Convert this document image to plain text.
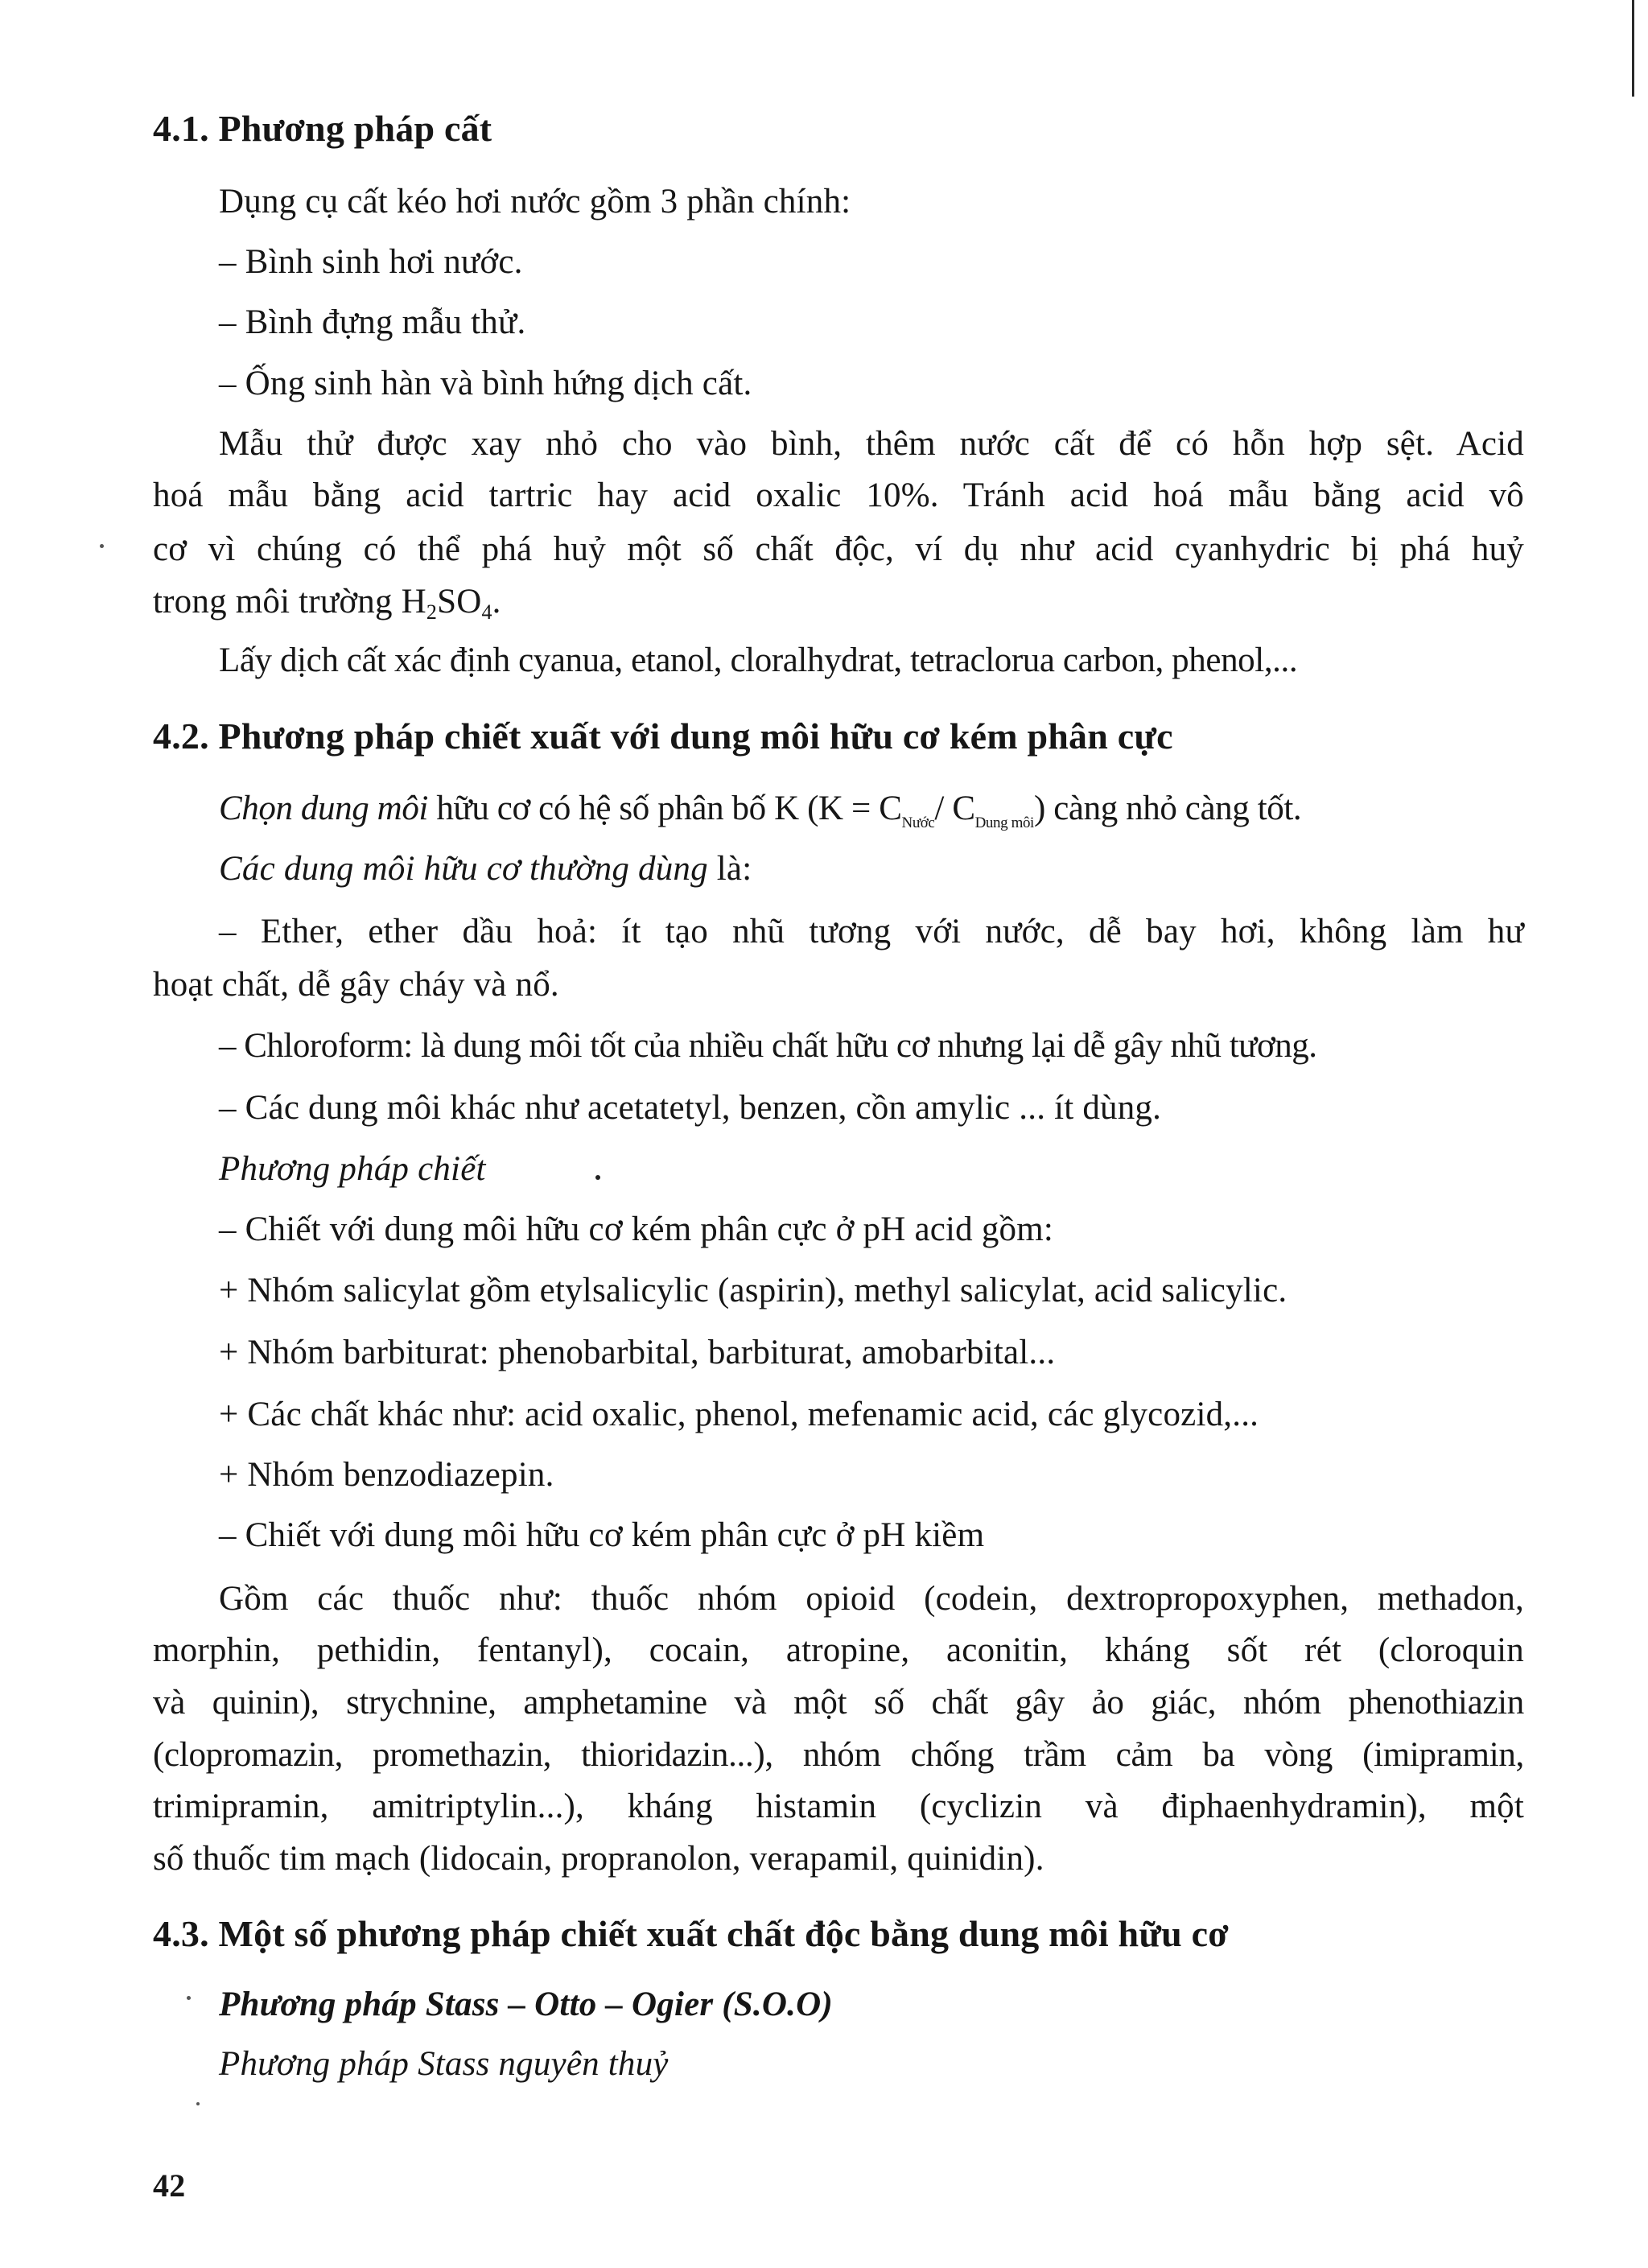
4.1. Phương pháp cất

Dụng cụ cất kéo hơi nước gồm 3 phần chính:

– Bình sinh hơi nước.

– Bình đựng mẫu thử.

– Ống sinh hàn và bình hứng dịch cất.

Mẫu thử được xay nhỏ cho vào bình, thêm nước cất để có hỗn hợp sệt. Acid

hoá mẫu bằng acid tartric hay acid oxalic 10%. Tránh acid hoá mẫu bằng acid vô

cơ vì chúng có thể phá huỷ một số chất độc, ví dụ như acid cyanhydric bị phá huỷ

trong môi trường $H_2SO_4$.

Lấy dịch cất xác định cyanua, etanol, cloralhydrat, tetraclorua carbon, phenol,...

4.2. Phương pháp chiết xuất với dung môi hữu cơ kém phân cực

Chọn dung môi hữu cơ có hệ số phân bố K ($K = C_{Nước}/$ $C_{Dung môi}$) càng nhỏ càng tốt.

Các dung môi hữu cơ thường dùng là:

– Ether, ether dầu hoả: ít tạo nhũ tương với nước, dễ bay hơi, không làm hư

hoạt chất, dễ gây cháy và nổ.

– Chloroform: là dung môi tốt của nhiều chất hữu cơ nhưng lại dễ gây nhũ tương.

– Các dung môi khác như acetatetyl, benzen, cồn amylic ... ít dùng.

Phương pháp chiết

– Chiết với dung môi hữu cơ kém phân cực ở pH acid gồm:

+ Nhóm salicylat gồm etylsalicylic (aspirin), methyl salicylat, acid salicylic.

+ Nhóm barbiturat: phenobarbital, barbiturat, amobarbital...

+ Các chất khác như: acid oxalic, phenol, mefenamic acid, các glycozid,...

+ Nhóm benzodiazepin.

– Chiết với dung môi hữu cơ kém phân cực ở pH kiềm

Gồm các thuốc như: thuốc nhóm opioid (codein, dextropropoxyphen, methadon,

morphin, pethidin, fentanyl), cocain, atropine, aconitin, kháng sốt rét (cloroquin

và quinin), strychnine, amphetamine và một số chất gây ảo giác, nhóm phenothiazin

(clopromazin, promethazin, thioridazin...), nhóm chống trầm cảm ba vòng (imipramin,

trimipramin, amitriptylin...), kháng histamin (cyclizin và điphaenhydramin), một

số thuốc tim mạch (lidocain, propranolon, verapamil, quinidin).

4.3. Một số phương pháp chiết xuất chất độc bằng dung môi hữu cơ

Phương pháp Stass – Otto – Ogier (S.O.O)

Phương pháp Stass nguyên thuỷ

42
